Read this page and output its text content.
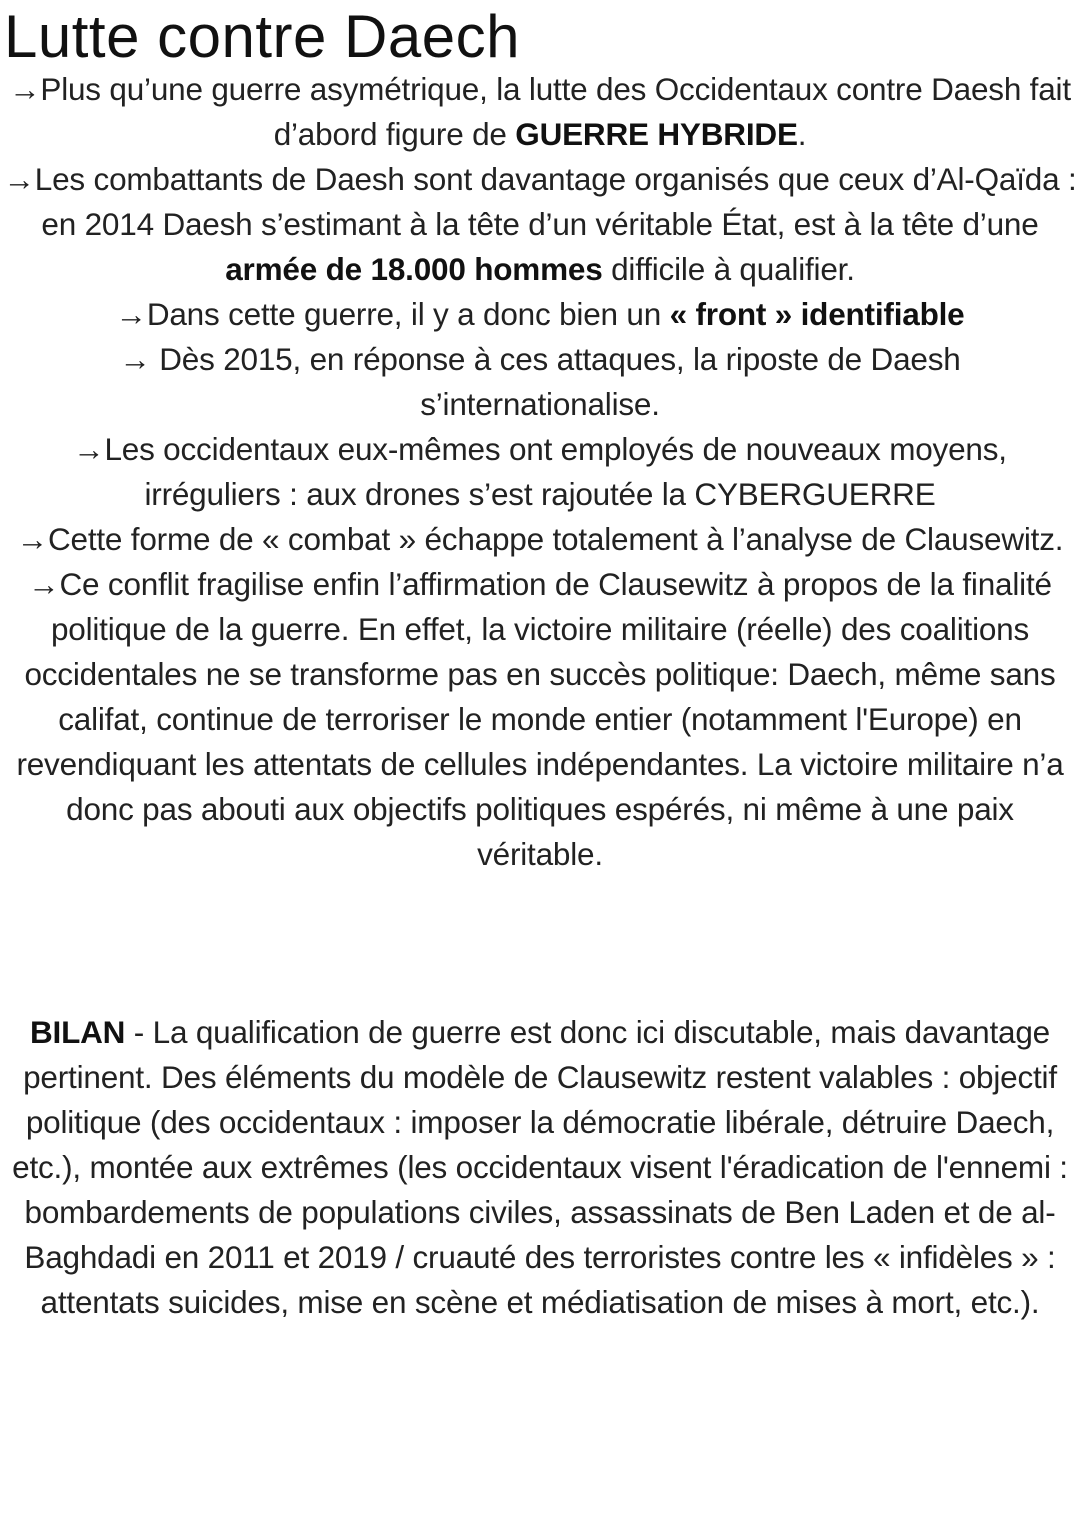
Lutte contre Daech

→Plus qu’une guerre asymétrique, la lutte des Occidentaux contre Daesh fait d’abord figure de GUERRE HYBRIDE.

→Les combattants de Daesh sont davantage organisés que ceux d’Al-Qaïda : en 2014 Daesh s’estimant à la tête d’un véritable État, est à la tête d’une armée de 18.000 hommes difficile à qualifier.

→Dans cette guerre, il y a donc bien un « front » identifiable

→ Dès 2015, en réponse à ces attaques, la riposte de Daesh s’internationalise.

→Les occidentaux eux-mêmes ont employés de nouveaux moyens, irréguliers : aux drones s’est rajoutée la CYBERGUERRE

→Cette forme de « combat » échappe totalement à l’analyse de Clausewitz.

→Ce conflit fragilise enfin l’affirmation de Clausewitz à propos de la finalité politique de la guerre. En effet, la victoire militaire (réelle) des coalitions occidentales ne se transforme pas en succès politique: Daech, même sans califat, continue de terroriser le monde entier (notamment l'Europe) en revendiquant les attentats de cellules indépendantes. La victoire militaire n’a donc pas abouti aux objectifs politiques espérés, ni même à une paix véritable.

BILAN - La qualification de guerre est donc ici discutable, mais davantage pertinent. Des éléments du modèle de Clausewitz restent valables : objectif politique (des occidentaux : imposer la démocratie libérale, détruire Daech, etc.), montée aux extrêmes (les occidentaux visent l'éradication de l'ennemi : bombardements de populations civiles, assassinats de Ben Laden et de al-Baghdadi en 2011 et 2019 / cruauté des terroristes contre les « infidèles » : attentats suicides, mise en scène et médiatisation de mises à mort, etc.).
